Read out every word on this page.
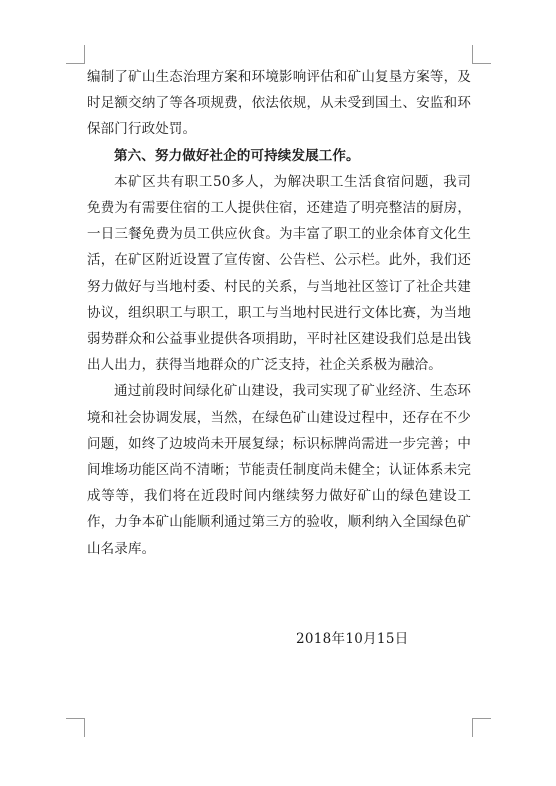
编制了矿山生态治理方案和环境影响评估和矿山复垦方案等，及时足额交纳了等各项规费，依法依规，从未受到国土、安监和环保部门行政处罚。

第六、努力做好社企的可持续发展工作。

本矿区共有职工50多人，为解决职工生活食宿问题，我司免费为有需要住宿的工人提供住宿，还建造了明亮整洁的厨房，一日三餐免费为员工供应伙食。为丰富了职工的业余体育文化生活，在矿区附近设置了宣传窗、公告栏、公示栏。此外，我们还努力做好与当地村委、村民的关系，与当地社区签订了社企共建协议，组织职工与职工，职工与当地村民进行文体比赛，为当地弱势群众和公益事业提供各项捐助，平时社区建设我们总是出钱出人出力，获得当地群众的广泛支持，社企关系极为融洽。

通过前段时间绿化矿山建设，我司实现了矿业经济、生态环境和社会协调发展，当然，在绿色矿山建设过程中，还存在不少问题，如终了边坡尚未开展复绿；标识标牌尚需进一步完善；中间堆场功能区尚不清晰；节能责任制度尚未健全；认证体系未完成等等，我们将在近段时间内继续努力做好矿山的绿色建设工作，力争本矿山能顺利通过第三方的验收，顺利纳入全国绿色矿山名录库。

2018年10月15日
